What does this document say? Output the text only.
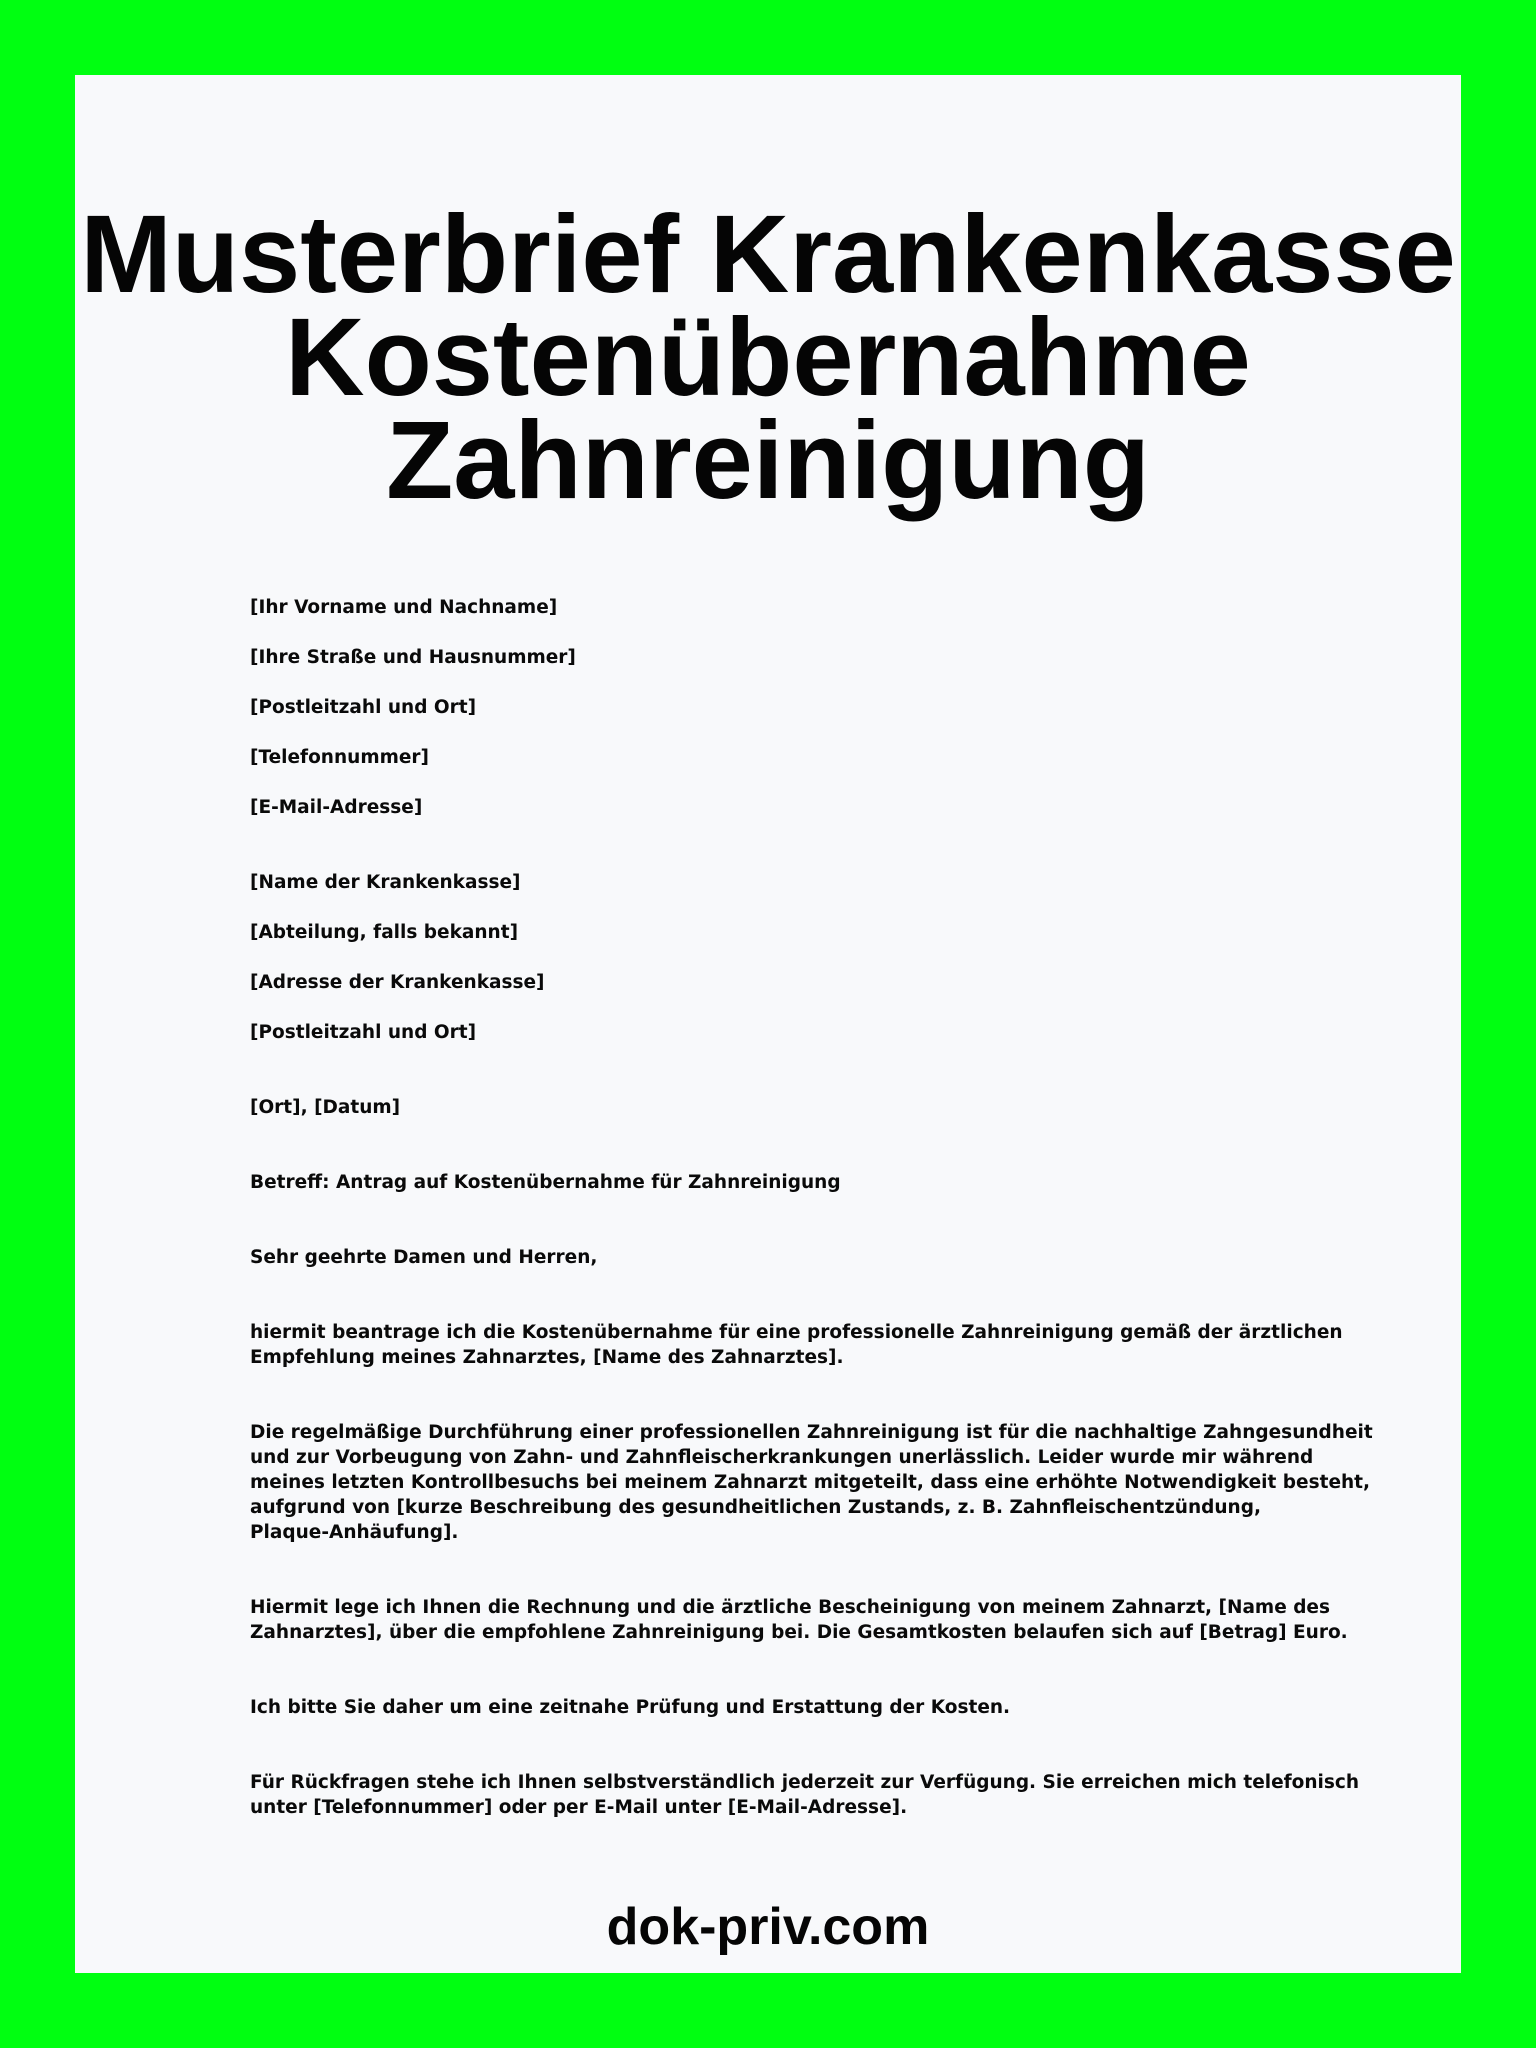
Musterbrief Krankenkasse
Kostenübernahme
Zahnreinigung
[Ihr Vorname und Nachname]
[Ihre Straße und Hausnummer]
[Postleitzahl und Ort]
[Telefonnummer]
[E-Mail-Adresse]
[Name der Krankenkasse]
[Abteilung, falls bekannt]
[Adresse der Krankenkasse]
[Postleitzahl und Ort]
[Ort], [Datum]
Betreff: Antrag auf Kostenübernahme für Zahnreinigung
Sehr geehrte Damen und Herren,
hiermit beantrage ich die Kostenübernahme für eine professionelle Zahnreinigung gemäß der ärztlichen
Empfehlung meines Zahnarztes, [Name des Zahnarztes].
Die regelmäßige Durchführung einer professionellen Zahnreinigung ist für die nachhaltige Zahngesundheit
und zur Vorbeugung von Zahn- und Zahnfleischerkrankungen unerlässlich. Leider wurde mir während
meines letzten Kontrollbesuchs bei meinem Zahnarzt mitgeteilt, dass eine erhöhte Notwendigkeit besteht,
aufgrund von [kurze Beschreibung des gesundheitlichen Zustands, z. B. Zahnfleischentzündung,
Plaque-Anhäufung].
Hiermit lege ich Ihnen die Rechnung und die ärztliche Bescheinigung von meinem Zahnarzt, [Name des
Zahnarztes], über die empfohlene Zahnreinigung bei. Die Gesamtkosten belaufen sich auf [Betrag] Euro.
Ich bitte Sie daher um eine zeitnahe Prüfung und Erstattung der Kosten.
Für Rückfragen stehe ich Ihnen selbstverständlich jederzeit zur Verfügung. Sie erreichen mich telefonisch
unter [Telefonnummer] oder per E-Mail unter [E-Mail-Adresse].
dok-priv.com
